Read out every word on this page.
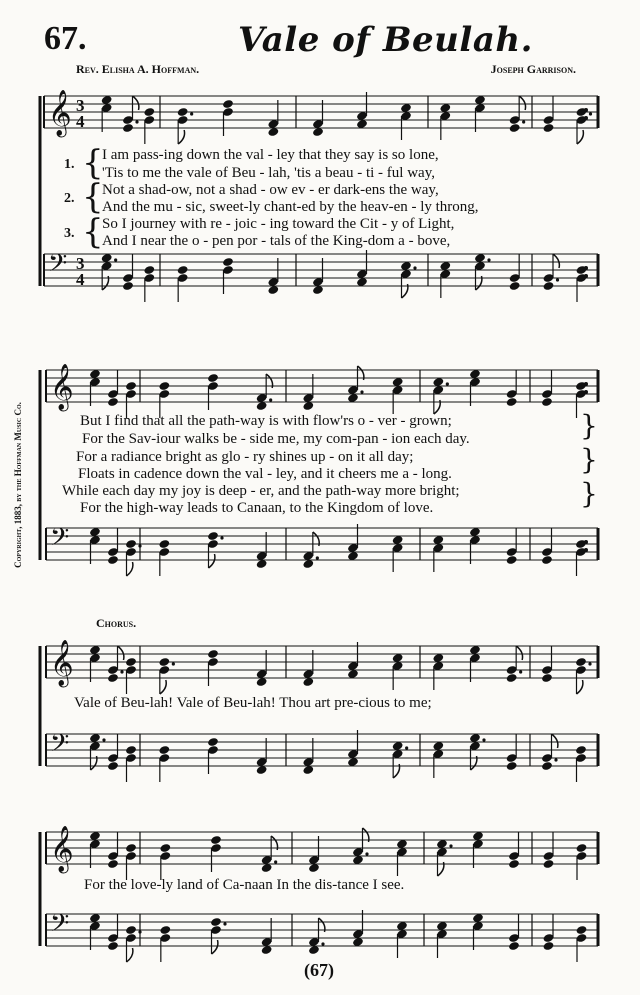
67.	Vale of Beulah.
Rev. Elisha A. Hoffman.	Joseph Garrison.
Copyright, 1883, by the Hoffman Music Co.
1.
2.
3.
{
{
{
I am pass-ing down the val - ley that they say is so lone,
'Tis to me the vale of Beu - lah, 'tis a beau - ti - ful way,
Not a shad-ow, not a shad - ow ev - er dark-ens the way,
And the mu - sic, sweet-ly chant-ed by the heav-en - ly throng,
So I journey with re - joic - ing toward the Cit - y of Light,
And I near the o - pen por - tals of the King-dom a - bove,
But I find that all the path-way is with flow'rs o - ver - grown;
For the Sav-iour walks be - side me, my com-pan - ion each day.
For a radiance bright as glo - ry shines up - on it all day;
Floats in cadence down the val - ley, and it cheers me a - long.
While each day my joy is deep - er, and the path-way more bright;
For the high-way leads to Canaan, to the Kingdom of love.
}
}
}
Chorus.
Vale of Beu-lah! Vale of Beu-lah! Thou art pre-cious to me;
For the love-ly land of Ca-naan In the dis-tance I see.
(67)
𝄞 3
4
𝄢 3
4
𝄞
𝄢
𝄞
𝄢
𝄞
𝄢
